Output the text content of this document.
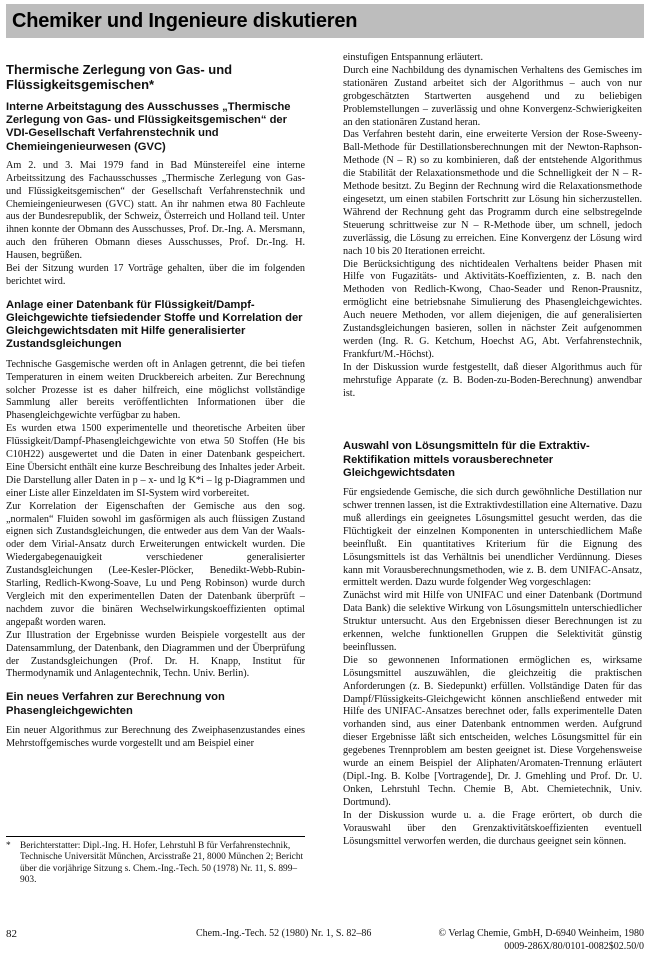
Chemiker und Ingenieure diskutieren
Thermische Zerlegung von Gas- und Flüssigkeitsgemischen*
Interne Arbeitstagung des Ausschusses „Thermische Zerlegung von Gas- und Flüssigkeitsgemischen“ der VDI-Gesellschaft Verfahrenstechnik und Chemieingenieurwesen (GVC)

Am 2. und 3. Mai 1979 fand in Bad Münstereifel eine interne Arbeitssitzung des Fachausschusses „Thermische Zerlegung von Gas- und Flüssigkeitsgemischen“ der Gesellschaft Verfahrenstechnik und Chemieingenieurwesen (GVC) statt. An ihr nahmen etwa 80 Fachleute aus der Bundesrepublik, der Schweiz, Österreich und Holland teil. Unter ihnen konnte der Obmann des Ausschusses, Prof. Dr.-Ing. A. Mersmann, auch den früheren Obmann dieses Ausschusses, Prof. Dr.-Ing. H. Hausen, begrüßen.

Bei der Sitzung wurden 17 Vorträge gehalten, über die im folgenden berichtet wird.

Anlage einer Datenbank für Flüssigkeit/Dampf-Gleichgewichte tiefsiedender Stoffe und Korrelation der Gleichgewichtsdaten mit Hilfe generalisierter Zustandsgleichungen

Technische Gasgemische werden oft in Anlagen getrennt, die bei tiefen Temperaturen in einem weiten Druckbereich arbeiten. Zur Berechnung solcher Prozesse ist es daher hilfreich, eine möglichst vollständige Sammlung aller bereits veröffentlichten Informationen über die Phasengleichgewichte verfügbar zu haben.

Es wurden etwa 1500 experimentelle und theoretische Arbeiten über Flüssigkeit/Dampf-Phasengleichgewichte von etwa 50 Stoffen (He bis C10H22) ausgewertet und die Daten in einer Datenbank gespeichert. Eine Übersicht enthält eine kurze Beschreibung des Inhaltes jeder Arbeit. Die Darstellung aller Daten in p – x- und lg K*i – lg p-Diagrammen und einer Liste aller Einzeldaten im SI-System wird vorbereitet.

Zur Korrelation der Eigenschaften der Gemische aus den sog. „normalen“ Fluiden sowohl im gasförmigen als auch flüssigen Zustand eignen sich Zustandsgleichungen, die entweder aus dem Van der Waals- oder dem Virial-Ansatz durch Erweiterungen entwickelt wurden. Die Wiedergabegenauigkeit verschiedener generalisierter Zustandsgleichungen (Lee-Kesler-Plöcker, Benedikt-Webb-Rubin-Starling, Redlich-Kwong-Soave, Lu und Peng Robinson) wurde durch Vergleich mit den experimentellen Daten der Datenbank überprüft – nachdem zuvor die binären Wechselwirkungskoeffizienten optimal angepaßt worden waren.

Zur Illustration der Ergebnisse wurden Beispiele vorgestellt aus der Datensammlung, der Datenbank, den Diagrammen und der Überprüfung der Zustandsgleichungen (Prof. Dr. H. Knapp, Institut für Thermodynamik und Anlagentechnik, Techn. Univ. Berlin).

Ein neues Verfahren zur Berechnung von Phasengleichgewichten

Ein neuer Algorithmus zur Berechnung des Zweiphasenzustandes eines Mehrstoffgemisches wurde vorgestellt und am Beispiel einer

* Berichterstatter: Dipl.-Ing. H. Hofer, Lehrstuhl B für Verfahrenstechnik, Technische Universität München, Arcisstraße 21, 8000 München 2; Bericht über die vorjährige Sitzung s. Chem.-Ing.-Tech. 50 (1978) Nr. 11, S. 899–903.

einstufigen Entspannung erläutert.

Durch eine Nachbildung des dynamischen Verhaltens des Gemisches im stationären Zustand arbeitet sich der Algorithmus – auch von nur grobgeschätzten Startwerten ausgehend und zu beliebigen Problemstellungen – zuverlässig und ohne Konvergenz-Schwierigkeiten an den stationären Zustand heran.

Das Verfahren besteht darin, eine erweiterte Version der Rose-Sweeny-Ball-Methode für Destillationsberechnungen mit der Newton-Raphson-Methode (N – R) so zu kombinieren, daß der entstehende Algorithmus die Stabilität der Relaxationsmethode und die Schnelligkeit der N – R-Methode besitzt. Zu Beginn der Rechnung wird die Relaxationsmethode eingesetzt, um einen stabilen Fortschritt zur Lösung hin sicherzustellen. Während der Rechnung geht das Programm durch eine selbstregelnde Steuerung schrittweise zur N – R-Methode über, um schnell, jedoch zuverlässig, die Lösung zu erreichen. Eine Konvergenz der Lösung wird nach 10 bis 20 Iterationen erreicht.

Die Berücksichtigung des nichtidealen Verhaltens beider Phasen mit Hilfe von Fugazitäts- und Aktivitäts-Koeffizienten, z. B. nach den Methoden von Redlich-Kwong, Chao-Seader und Renon-Prausnitz, ermöglicht eine betriebsnahe Simulierung des Phasengleichgewichtes. Auch neuere Methoden, vor allem diejenigen, die auf generalisierten Zustandsgleichungen basieren, sollen in nächster Zeit aufgenommen werden (Ing. R. G. Ketchum, Hoechst AG, Abt. Verfahrenstechnik, Frankfurt/M.-Höchst).

In der Diskussion wurde festgestellt, daß dieser Algorithmus auch für mehrstufige Apparate (z. B. Boden-zu-Boden-Berechnung) anwendbar ist.

Auswahl von Lösungsmitteln für die Extraktiv-Rektifikation mittels vorausberechneter Gleichgewichtsdaten

Für engsiedende Gemische, die sich durch gewöhnliche Destillation nur schwer trennen lassen, ist die Extraktivdestillation eine Alternative. Dazu muß allerdings ein geeignetes Lösungsmittel gesucht werden, das die Flüchtigkeit der einzelnen Komponenten in unterschiedlichem Maße beeinflußt. Ein quantitatives Kriterium für die Eignung des Lösungsmittels ist das Verhältnis bei unendlicher Verdünnung. Dieses kann mit Vorausberechnungsmethoden, wie z. B. dem UNIFAC-Ansatz, ermittelt werden. Dazu wurde folgender Weg vorgeschlagen:

Zunächst wird mit Hilfe von UNIFAC und einer Datenbank (Dortmund Data Bank) die selektive Wirkung von Lösungsmitteln unterschiedlicher Struktur untersucht. Aus den Ergebnissen dieser Berechnungen ist zu erkennen, welche funktionellen Gruppen die Selektivität günstig beeinflussen.

Die so gewonnenen Informationen ermöglichen es, wirksame Lösungsmittel auszuwählen, die gleichzeitig die praktischen Anforderungen (z. B. Siedepunkt) erfüllen. Vollständige Daten für das Dampf/Flüssigkeits-Gleichgewicht können anschließend entweder mit Hilfe des UNIFAC-Ansatzes berechnet oder, falls experimentelle Daten vorhanden sind, aus einer Datenbank entnommen werden. Aufgrund dieser Ergebnisse läßt sich entscheiden, welches Lösungsmittel für ein gegebenes Trennproblem am besten geeignet ist. Diese Vorgehensweise wurde an einem Beispiel der Aliphaten/Aromaten-Trennung erläutert (Dipl.-Ing. B. Kolbe [Vortragende], Dr. J. Gmehling und Prof. Dr. U. Onken, Lehrstuhl Techn. Chemie B, Abt. Chemietechnik, Univ. Dortmund).

In der Diskussion wurde u. a. die Frage erörtert, ob durch die Vorauswahl über den Grenzaktivitätskoeffizienten eventuell Lösungsmittel verworfen werden, die durchaus geeignet sein können.

82	Chem.-Ing.-Tech. 52 (1980) Nr. 1, S. 82–86	© Verlag Chemie, GmbH, D-6940 Weinheim, 1980
0009-286X/80/0101-0082$02.50/0
